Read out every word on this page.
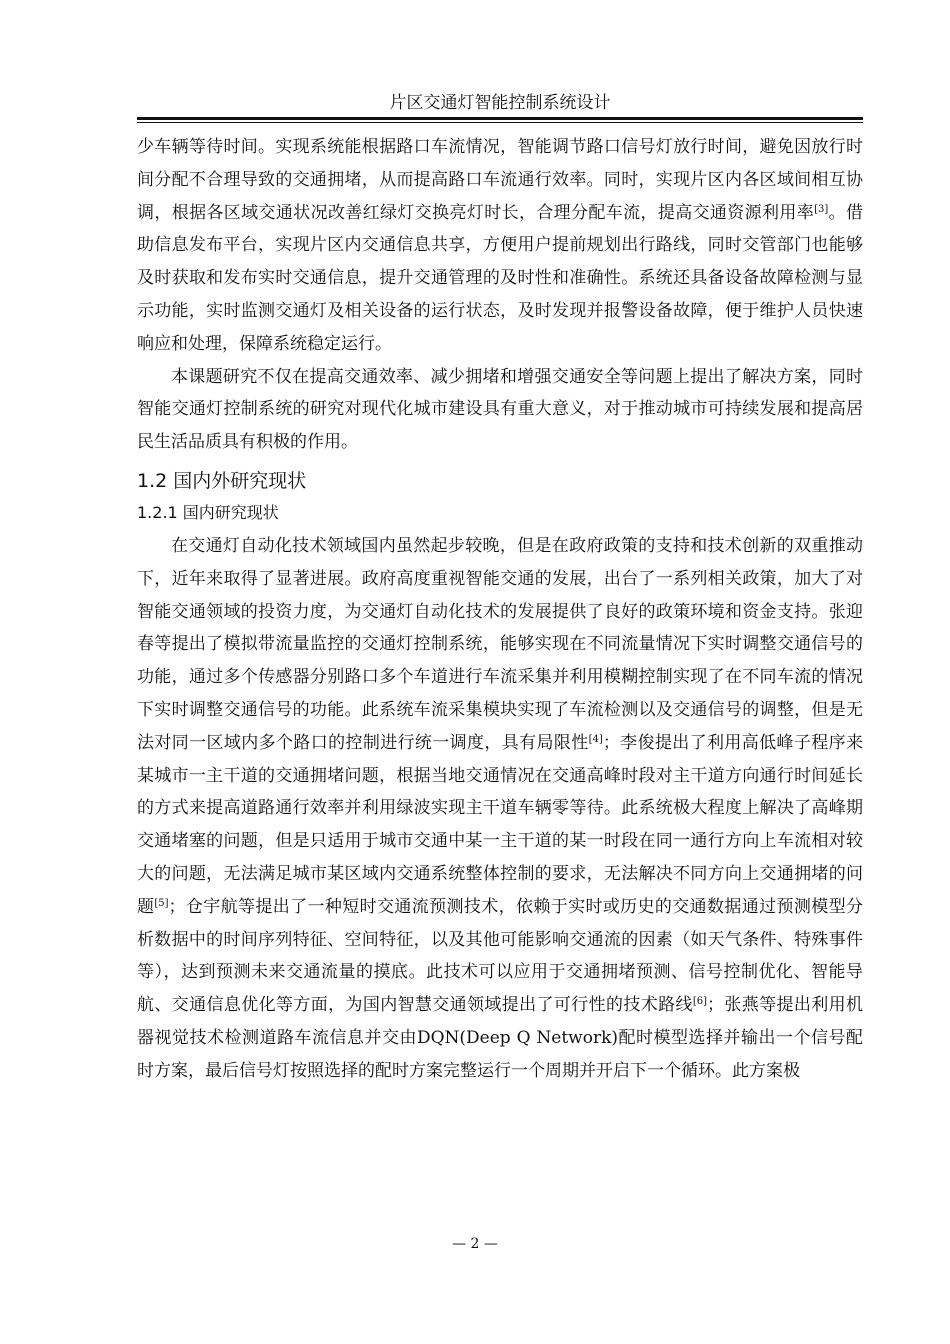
片区交通灯智能控制系统设计

少车辆等待时间。实现系统能根据路口车流情况，智能调节路口信号灯放行时间，避免因放行时间分配不合理导致的交通拥堵，从而提高路口车流通行效率。同时，实现片区内各区域间相互协调，根据各区域交通状况改善红绿灯交换亮灯时长，合理分配车流，提高交通资源利用率[3]。借助信息发布平台，实现片区内交通信息共享，方便用户提前规划出行路线，同时交管部门也能够及时获取和发布实时交通信息，提升交通管理的及时性和准确性。系统还具备设备故障检测与显示功能，实时监测交通灯及相关设备的运行状态，及时发现并报警设备故障，便于维护人员快速响应和处理，保障系统稳定运行。

本课题研究不仅在提高交通效率、减少拥堵和增强交通安全等问题上提出了解决方案，同时智能交通灯控制系统的研究对现代化城市建设具有重大意义，对于推动城市可持续发展和提高居民生活品质具有积极的作用。

1.2 国内外研究现状
1.2.1 国内研究现状

在交通灯自动化技术领域国内虽然起步较晚，但是在政府政策的支持和技术创新的双重推动下，近年来取得了显著进展。政府高度重视智能交通的发展，出台了一系列相关政策，加大了对智能交通领域的投资力度，为交通灯自动化技术的发展提供了良好的政策环境和资金支持。张迎春等提出了模拟带流量监控的交通灯控制系统，能够实现在不同流量情况下实时调整交通信号的功能，通过多个传感器分别路口多个车道进行车流采集并利用模糊控制实现了在不同车流的情况下实时调整交通信号的功能。此系统车流采集模块实现了车流检测以及交通信号的调整，但是无法对同一区域内多个路口的控制进行统一调度，具有局限性[4]；李俊提出了利用高低峰子程序来某城市一主干道的交通拥堵问题，根据当地交通情况在交通高峰时段对主干道方向通行时间延长的方式来提高道路通行效率并利用绿波实现主干道车辆零等待。此系统极大程度上解决了高峰期交通堵塞的问题，但是只适用于城市交通中某一主干道的某一时段在同一通行方向上车流相对较大的问题，无法满足城市某区域内交通系统整体控制的要求，无法解决不同方向上交通拥堵的问题[5]；仓宇航等提出了一种短时交通流预测技术，依赖于实时或历史的交通数据通过预测模型分析数据中的时间序列特征、空间特征，以及其他可能影响交通流的因素（如天气条件、特殊事件等），达到预测未来交通流量的摸底。此技术可以应用于交通拥堵预测、信号控制优化、智能导航、交通信息优化等方面，为国内智慧交通领域提出了可行性的技术路线[6]；张燕等提出利用机器视觉技术检测道路车流信息并交由DQN(Deep Q Network)配时模型选择并输出一个信号配时方案，最后信号灯按照选择的配时方案完整运行一个周期并开启下一个循环。此方案极

— 2 —
